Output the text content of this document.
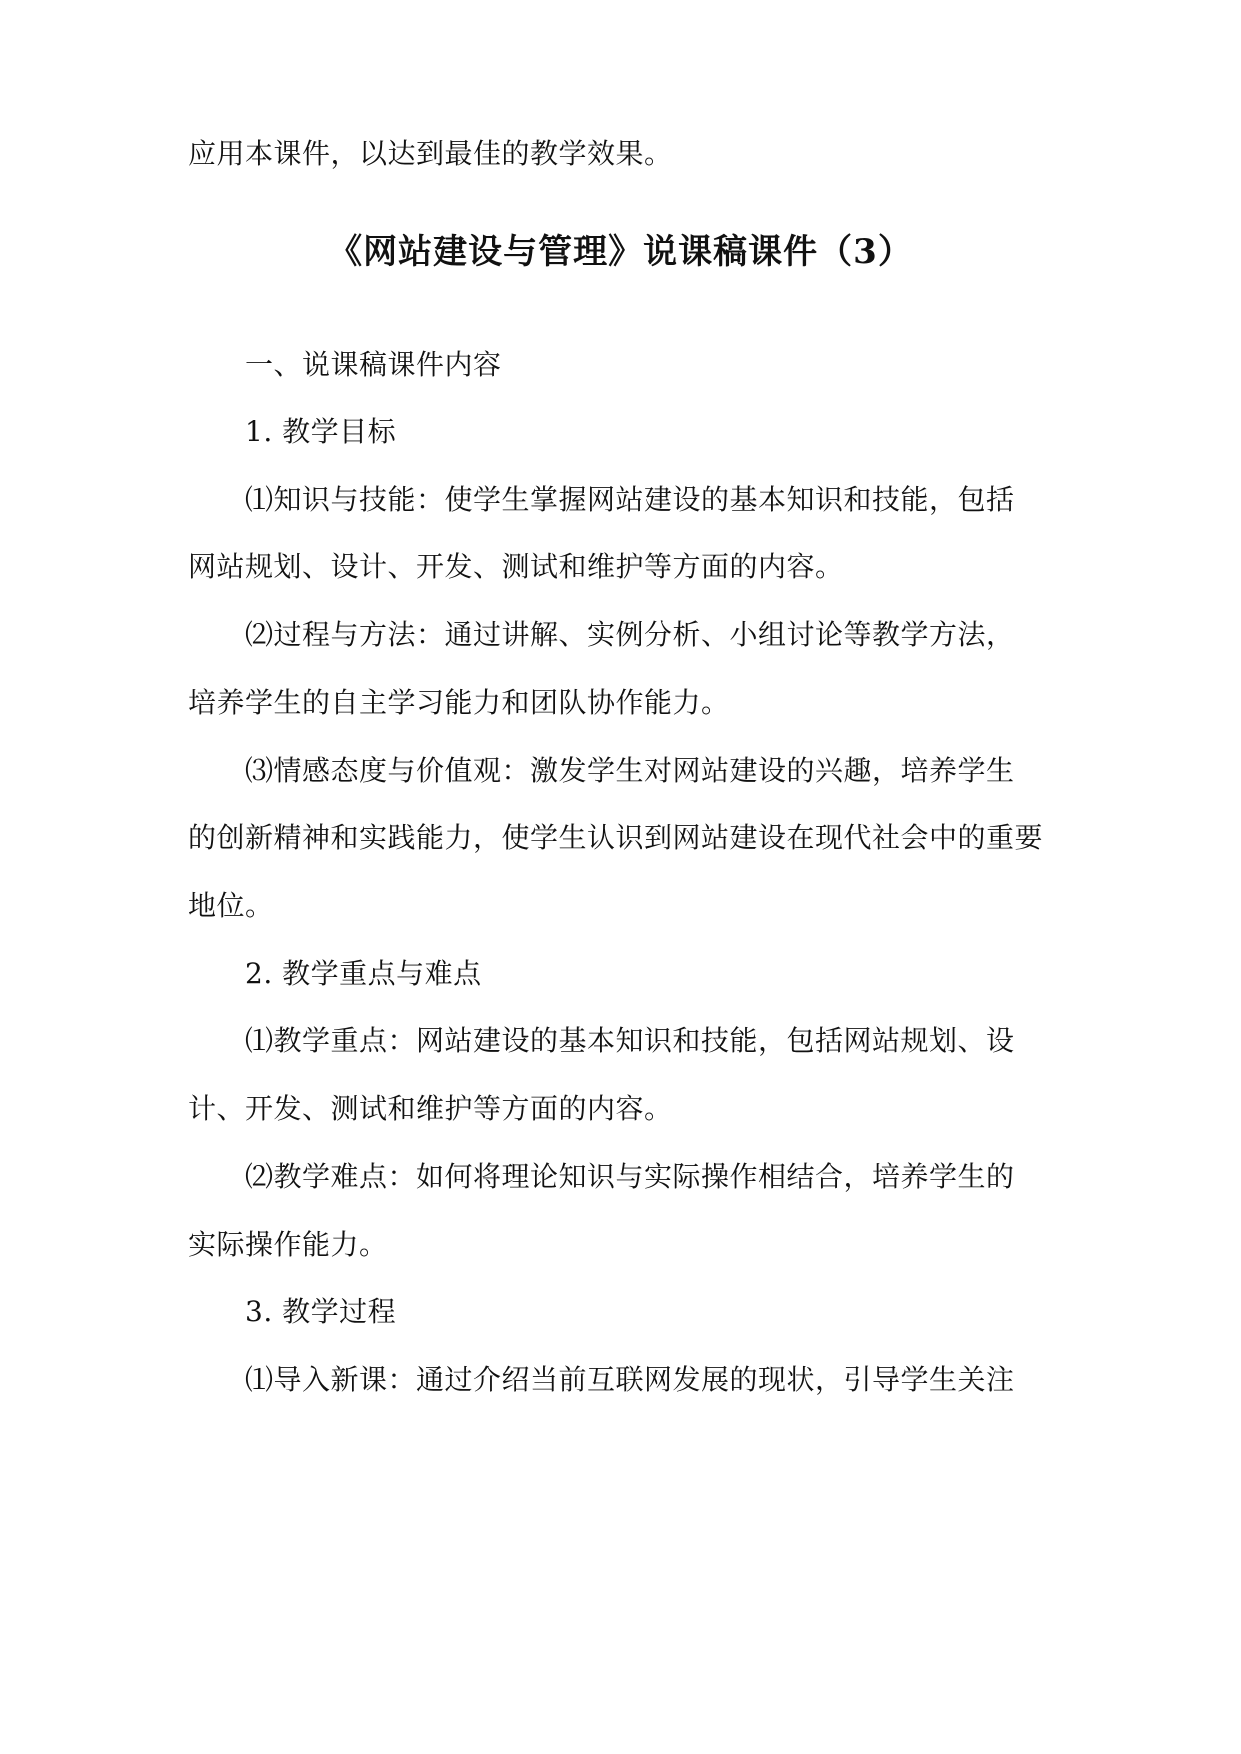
应用本课件，以达到最佳的教学效果。
《网站建设与管理》说课稿课件（3）
一、说课稿课件内容
1. 教学目标
⑴知识与技能：使学生掌握网站建设的基本知识和技能，包括
网站规划、设计、开发、测试和维护等方面的内容。
⑵过程与方法：通过讲解、实例分析、小组讨论等教学方法，
培养学生的自主学习能力和团队协作能力。
⑶情感态度与价值观：激发学生对网站建设的兴趣，培养学生
的创新精神和实践能力，使学生认识到网站建设在现代社会中的重要
地位。
2. 教学重点与难点
⑴教学重点：网站建设的基本知识和技能，包括网站规划、设
计、开发、测试和维护等方面的内容。
⑵教学难点：如何将理论知识与实际操作相结合，培养学生的
实际操作能力。
3. 教学过程
⑴导入新课：通过介绍当前互联网发展的现状，引导学生关注
